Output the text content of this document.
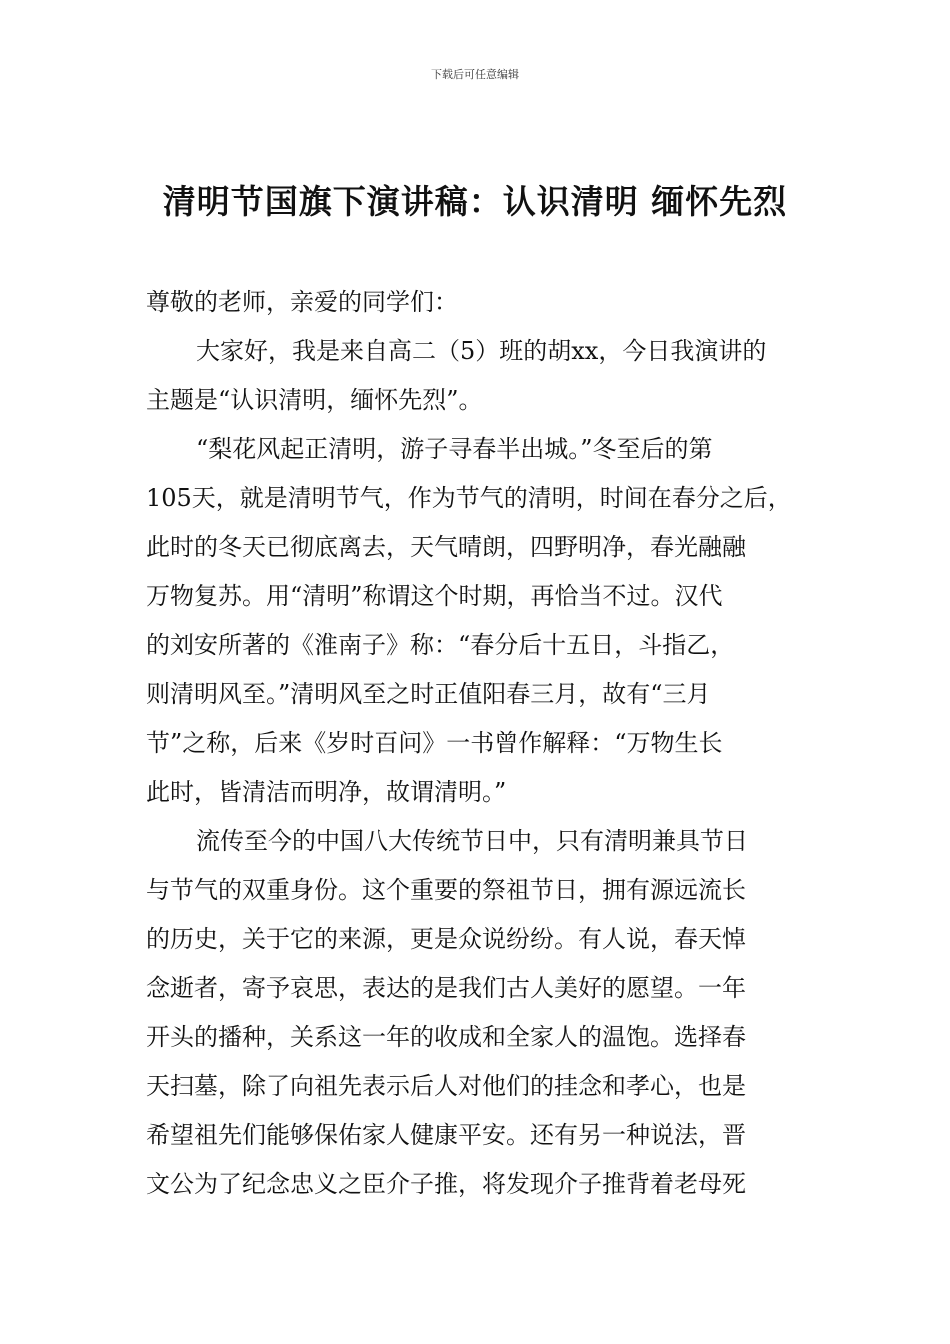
下载后可任意编辑
清明节国旗下演讲稿：认识清明 缅怀先烈

尊敬的老师，亲爱的同学们：

大家好，我是来自高二（5）班的胡xx，今日我演讲的
主题是“认识清明，缅怀先烈”。

“梨花风起正清明，游子寻春半出城。”冬至后的第
105天，就是清明节气，作为节气的清明，时间在春分之后，
此时的冬天已彻底离去，天气晴朗，四野明净，春光融融
万物复苏。用“清明”称谓这个时期，再恰当不过。汉代
的刘安所著的《淮南子》称：“春分后十五日，斗指乙，
则清明风至。”清明风至之时正值阳春三月，故有“三月
节”之称，后来《岁时百问》一书曾作解释：“万物生长
此时，皆清洁而明净，故谓清明。”

流传至今的中国八大传统节日中，只有清明兼具节日
与节气的双重身份。这个重要的祭祖节日，拥有源远流长
的历史，关于它的来源，更是众说纷纷。有人说，春天悼
念逝者，寄予哀思，表达的是我们古人美好的愿望。一年
开头的播种，关系这一年的收成和全家人的温饱。选择春
天扫墓，除了向祖先表示后人对他们的挂念和孝心，也是
希望祖先们能够保佑家人健康平安。还有另一种说法，晋
文公为了纪念忠义之臣介子推，将发现介子推背着老母死
